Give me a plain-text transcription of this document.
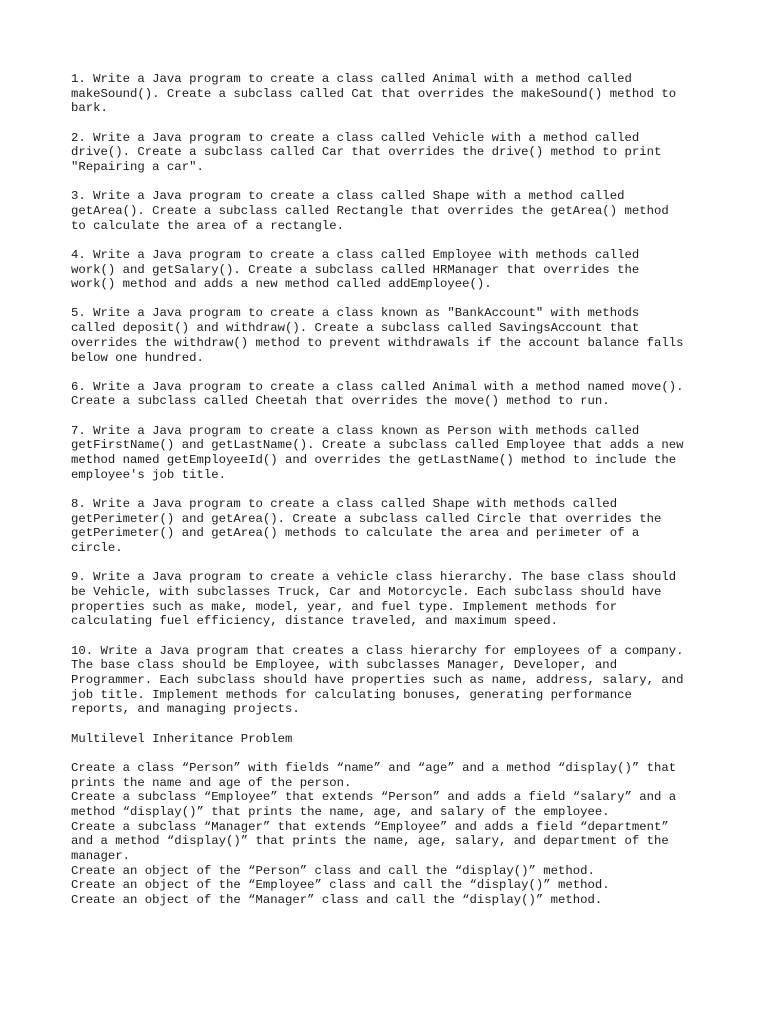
1. Write a Java program to create a class called Animal with a method called
makeSound(). Create a subclass called Cat that overrides the makeSound() method to
bark.

2. Write a Java program to create a class called Vehicle with a method called
drive(). Create a subclass called Car that overrides the drive() method to print
"Repairing a car".

3. Write a Java program to create a class called Shape with a method called
getArea(). Create a subclass called Rectangle that overrides the getArea() method
to calculate the area of a rectangle.

4. Write a Java program to create a class called Employee with methods called
work() and getSalary(). Create a subclass called HRManager that overrides the
work() method and adds a new method called addEmployee().

5. Write a Java program to create a class known as "BankAccount" with methods
called deposit() and withdraw(). Create a subclass called SavingsAccount that
overrides the withdraw() method to prevent withdrawals if the account balance falls
below one hundred.

6. Write a Java program to create a class called Animal with a method named move().
Create a subclass called Cheetah that overrides the move() method to run.

7. Write a Java program to create a class known as Person with methods called
getFirstName() and getLastName(). Create a subclass called Employee that adds a new
method named getEmployeeId() and overrides the getLastName() method to include the
employee's job title.

8. Write a Java program to create a class called Shape with methods called
getPerimeter() and getArea(). Create a subclass called Circle that overrides the
getPerimeter() and getArea() methods to calculate the area and perimeter of a
circle.

9. Write a Java program to create a vehicle class hierarchy. The base class should
be Vehicle, with subclasses Truck, Car and Motorcycle. Each subclass should have
properties such as make, model, year, and fuel type. Implement methods for
calculating fuel efficiency, distance traveled, and maximum speed.

10. Write a Java program that creates a class hierarchy for employees of a company.
The base class should be Employee, with subclasses Manager, Developer, and
Programmer. Each subclass should have properties such as name, address, salary, and
job title. Implement methods for calculating bonuses, generating performance
reports, and managing projects.

Multilevel Inheritance Problem

Create a class “Person” with fields “name” and “age” and a method “display()” that
prints the name and age of the person.

Create a subclass “Employee” that extends “Person” and adds a field “salary” and a
method “display()” that prints the name, age, and salary of the employee.

Create a subclass “Manager” that extends “Employee” and adds a field “department”
and a method “display()” that prints the name, age, salary, and department of the
manager.

Create an object of the “Person” class and call the “display()” method.

Create an object of the “Employee” class and call the “display()” method.

Create an object of the “Manager” class and call the “display()” method.
